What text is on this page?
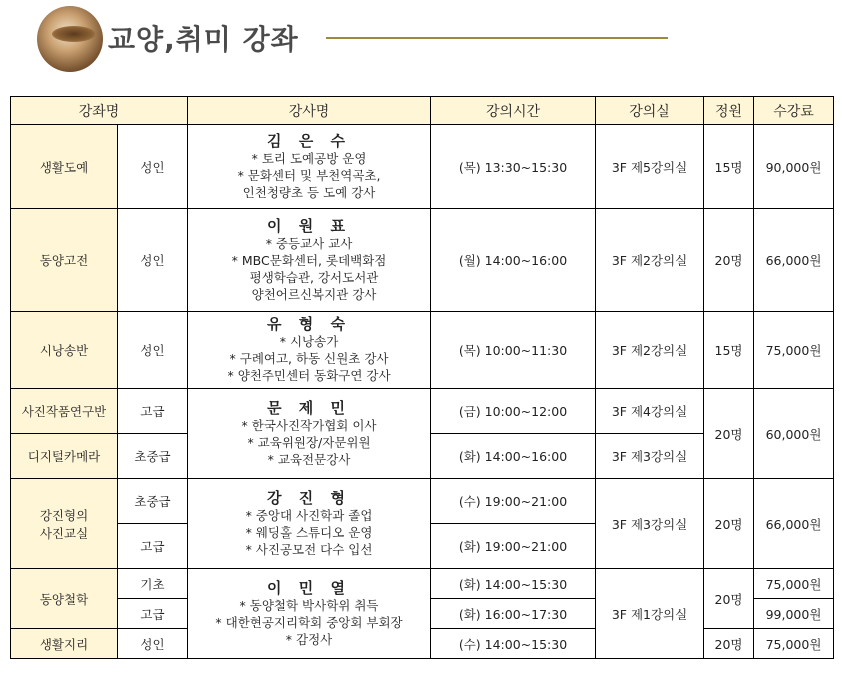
교양,취미 강좌
강좌명		강사명	강의시간	강의실	정원	수강료
생활도예	성인	김 은 수
* 토리 도예공방 운영
* 문화센터 및 부천역곡초,
인천청량초 등 도예 강사	(목) 13:30~15:30	3F 제5강의실	15명	90,000원
동양고전	성인	이 원 표
* 중등교사 교사
* MBC문화센터, 롯데백화점
평생학습관, 강서도서관
양천어르신복지관 강사	(월) 14:00~16:00	3F 제2강의실	20명	66,000원
시낭송반	성인	유 형 숙
* 시낭송가
* 구례여고, 하동 신원초 강사
* 양천주민센터 동화구연 강사	(목) 10:00~11:30	3F 제2강의실	15명	75,000원
사진작품연구반	고급	문 제 민
* 한국사진작가협회 이사
* 교육위원장/자문위원
* 교육전문강사	(금) 10:00~12:00	3F 제4강의실	20명	60,000원
디지털카메라	초중급		(화) 14:00~16:00	3F 제3강의실		

강진형의
사진교실	초중급	강 진 형
* 중앙대 사진학과 졸업
* 웨딩홀 스튜디오 운영
* 사진공모전 다수 입선	(수) 19:00~21:00	3F 제3강의실	20명	66,000원
	고급		(화) 19:00~21:00			
동양철학	기초	이 민 열
* 동양철학 박사학위 취득
* 대한현공지리학회 중앙회 부회장
* 감정사	(화) 14:00~15:30	3F 제1강의실	20명	75,000원
	고급		(화) 16:00~17:30			99,000원
생활지리	성인		(수) 14:00~15:30		20명	75,000원
